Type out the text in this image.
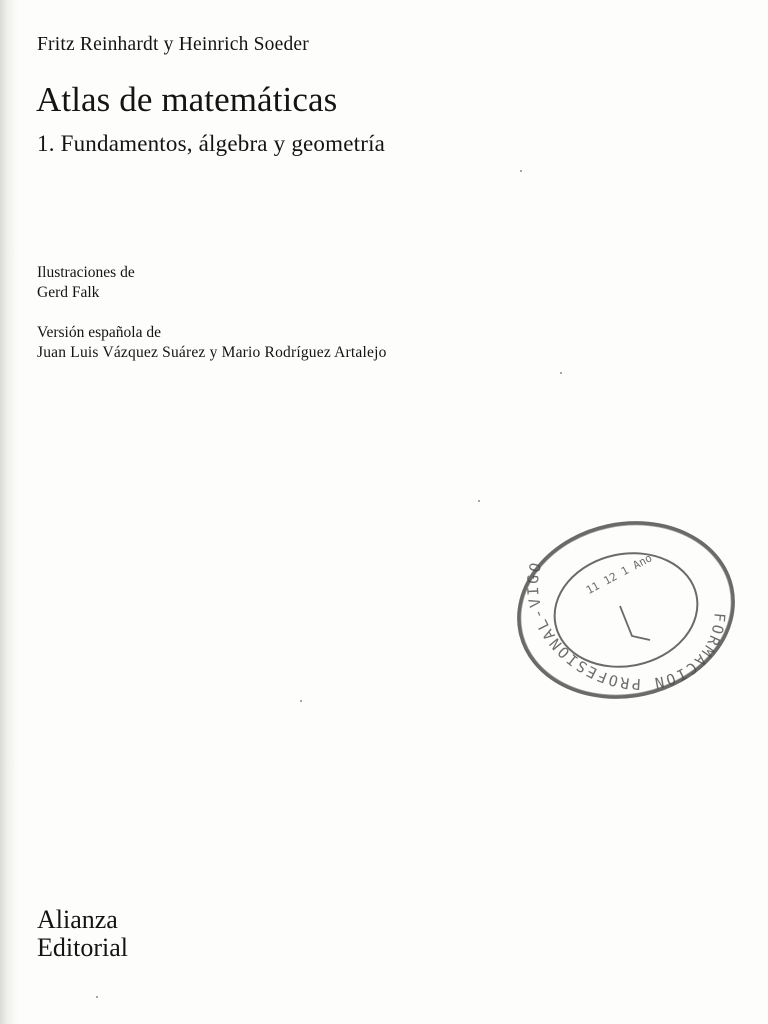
Fritz Reinhardt y Heinrich Soeder
Atlas de matemáticas
1. Fundamentos, álgebra y geometría
Ilustraciones de
Gerd Falk
Versión española de
Juan Luis Vázquez Suárez y Mario Rodríguez Artalejo
FORMACION PROFESIONAL-VIGO	11 12 1 Ano
Alianza
Editorial
